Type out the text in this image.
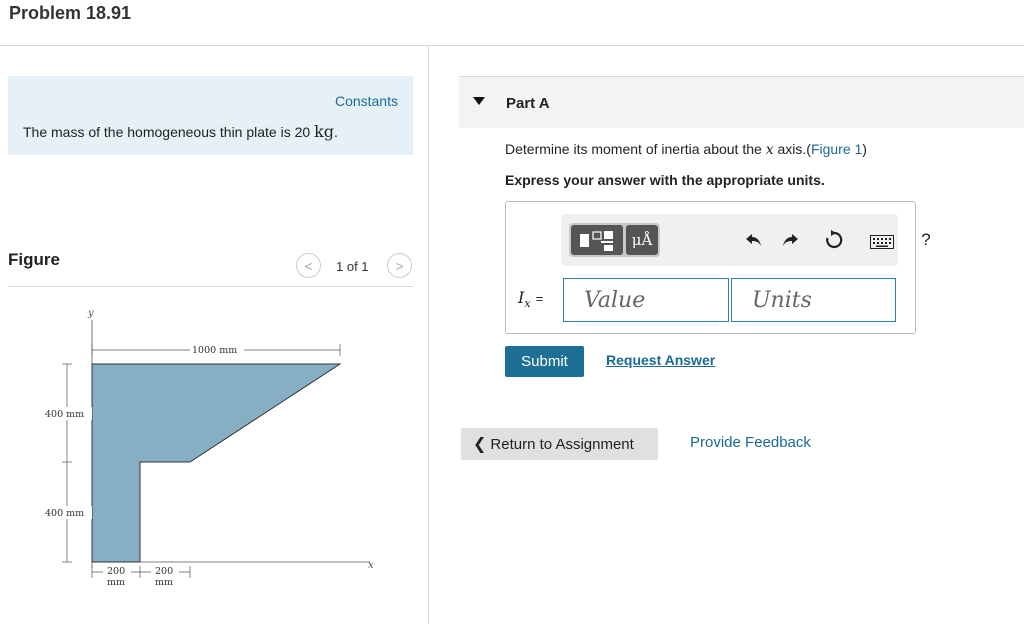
Problem 18.91
Constants
The mass of the homogeneous thin plate is 20 kg.
Figure	< 1 of 1 >
y
x
1000 mm
400 mm
400 mm
200
mm
200
mm
Part A
Determine its moment of inertia about the x axis.(Figure 1)
Express your answer with the appropriate units.
μÅ	?
$I_x$ =
Value
Units
Submit	Request Answer
❮ Return to Assignment	Provide Feedback
